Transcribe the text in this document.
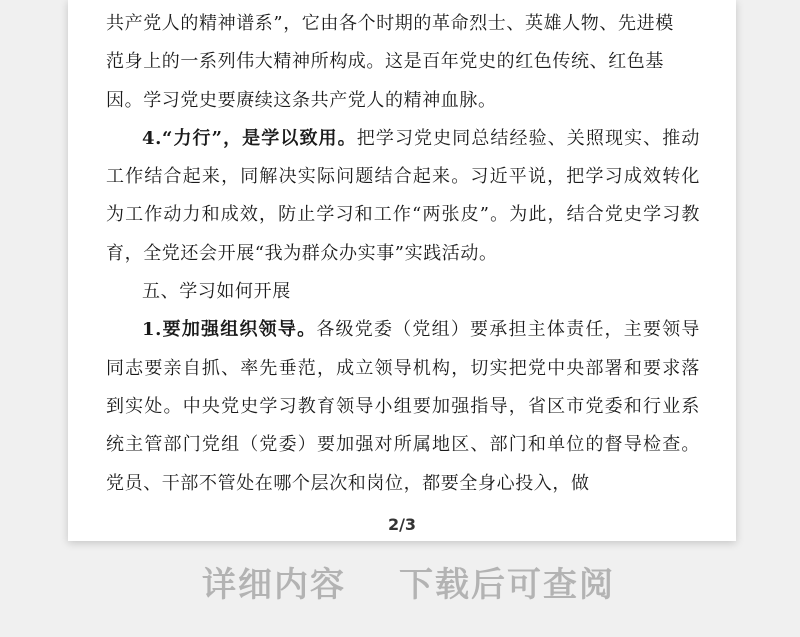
共产党人的精神谱系”，它由各个时期的革命烈士、英雄人物、先进模

范身上的一系列伟大精神所构成。这是百年党史的红色传统、红色基

因。学习党史要赓续这条共产党人的精神血脉。

4.“力行”，是学以致用。把学习党史同总结经验、关照现实、推动工作结合起来，同解决实际问题结合起来。习近平说，把学习成效转化为工作动力和成效，防止学习和工作“两张皮”。为此，结合党史学习教育，全党还会开展“我为群众办实事”实践活动。

五、学习如何开展

1.要加强组织领导。各级党委（党组）要承担主体责任，主要领导同志要亲自抓、率先垂范，成立领导机构，切实把党中央部署和要求落到实处。中央党史学习教育领导小组要加强指导，省区市党委和行业系统主管部门党组（党委）要加强对所属地区、部门和单位的督导检查。党员、干部不管处在哪个层次和岗位，都要全身心投入，做

2/3
详细内容 下载后可查阅
